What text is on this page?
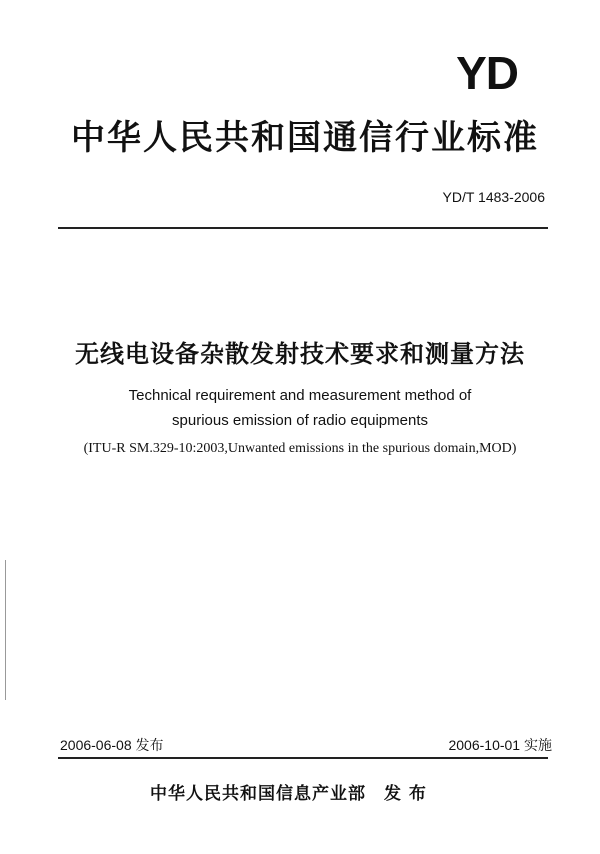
YD
中华人民共和国通信行业标准
YD/T 1483-2006
无线电设备杂散发射技术要求和测量方法
Technical requirement and measurement method of
spurious emission of radio equipments
(ITU-R SM.329-10:2003,Unwanted emissions in the spurious domain,MOD)
2006-06-08 发布	2006-10-01 实施
中华人民共和国信息产业部 发 布
